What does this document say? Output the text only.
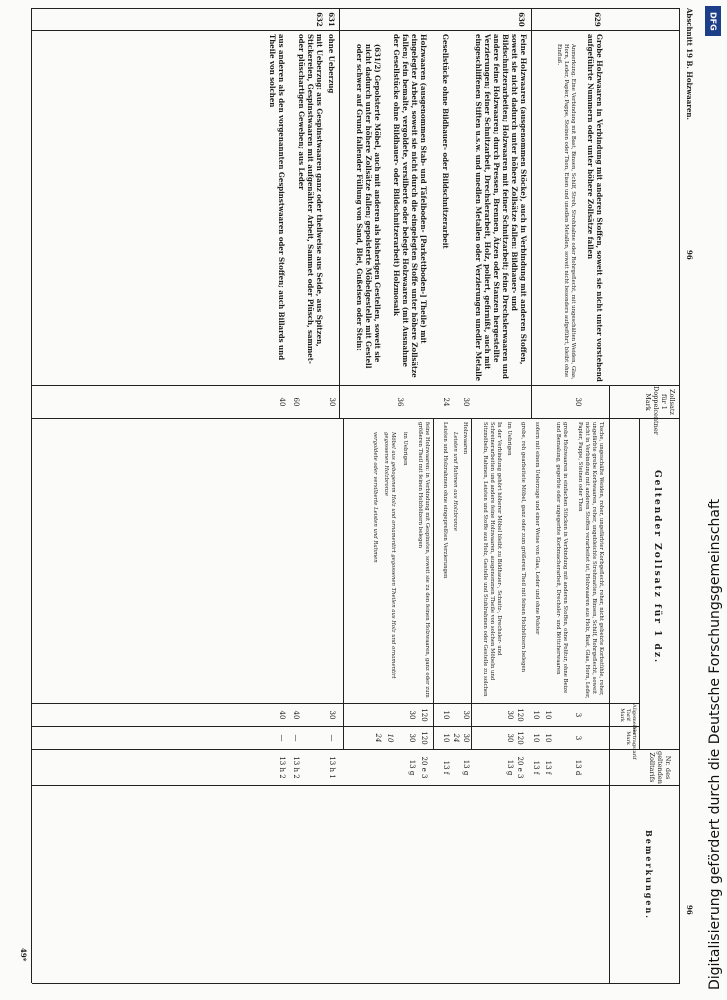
Abschnitt 19 B. Holzwaaren.
96
96
Zollsatz für 1 Doppelcentner Mark
Geltender Zollsatz für 1 dz.
Allgemeiner Tarif Mark
Vertragstarif Mark
Nr. des geltenden Zolltarifs
Bemerkungen.
629
Grobe Holzwaaren in Verbindung mit anderen Stoffen, soweit sie nicht unter vorstehend aufgeführte Nummern oder unter höhere Zollsätze fallen
30
Anmerkung. Eine Verbindung mit Bast, Binsen, Schilf, Stroh, Strohhalme oder Rohrgeflecht, mit ungeschälten Weiden, Glas, Horn, Leder, Papier, Pappe, Steinen oder Thon, Eisen und unedlen Metallen, soweit nicht besonders aufgeführt, bleibt ohne Einfluß.
630
Feine Holzwaaren (ausgenommen Stöcke), auch in Verbindung mit anderen Stoffen, soweit sie nicht dadurch unter höhere Zollsätze fallen: Bildhauer- und Bildschnitzerarbeiten; Holzwaaren mit feiner Schnitzarbeit; feine Drechslerwaaren und andere feine Holzwaaren; durch Pressen, Brennen, Ätzen oder Stanzen hergestellte Verzierungen; feiner Schnitzarbeit, Drechslerarbeit, Holz, poliert, gefirnißt, auch mit eingeschliffenen Stiften u.s.w. und unedlen Metallen oder Verzierungen unedler Metalle
30
Gesellstücke ohne Bildhauer- oder Bildschnitzerarbeit
24
Holzwaaren (ausgenommen Stab- und Täfelboden- [Parkettboden-] Theile) mit eingelegter Arbeit, soweit sie nicht durch die eingelegten Stoffe unter höhere Zollsätze fallen; fein bemalte, vergoldete, versilberte oder belegte Holzwaaren (mit Ausnahme der Gesellstücke ohne Bildhauer- oder Bildschnitzerarbeit) Holzmosaik
36
(631/2) Gepolsterte Möbel, auch mit anderen als bisherigen Gestellen, soweit sie nicht dadurch unter höhere Zollsätze fallen; gepolsterte Möbelgestelle mit Gestell oder schwer auf Grund fallender Füllung von Sand, Blei, Gußeisen oder Stein:
631
ohne Ueberzug
30
632
mit Ueberzug: aus Gespinstwaaren ganz oder theilweise aus Seide, aus Spitzen, Stickereien, Gespinstwaaren mit aufgenähter Arbeit, Sammet oder Plüsch, sammet- oder plüschartigen Geweben; aus Leder
60
aus anderen als den vorgenannten Gespinstwaaren oder Stoffen; auch Billards und Theile von solchen
40
Tische, ungeschälte Weiden, roher, ungefärbter Korbgeflecht, roher, nicht gebeizte Korbstühle, roher, ungefärbte grobe Korbwaaren, roher, ungebleichte Strohmatten, Binsen, Schilf, Rohrgeflecht, soweit nicht in Verbindung mit anderen Stoffen verarbeitet ist, Holzwaaren aus Holz, Bast, Glas, Horn, Leder, Papier, Pappe, Steinen oder Thon
3
3
13 d
grobe Holzwaaren in einfachen Stücken in Verbindung mit anderen Stoffen, ohne Politur, ohne Beize und Bemalung, gegerbte oder ungegerbte Korbmacherarbeit, Drechsler- und Böttcherwaaren
10
10
13 f
sofern mit einem Ueberzuge und einer Weise von Glas, Leder und ohne Polster
10
10
13 f
grobe, roh gearbeitete Möbel, ganz oder zum größeren Theil mit feinen Holzhölzern belegen
120
120
20 e 3
im Uebrigen
30
30
13 g
In der Verbindung gehört höherer Möbel bleibt zu Bildhauer-, Schnitz-, Drechsler- und Schreinerarbeiten und andere feine Holzwaaren, ausgenommen Theile von solchen Möbeln und Sitzmöbeln, Rahmen, Leisten und Stoffe aus Holz, Gestelle und Stuhlrahmen oder Gestelle zu solchen
Holzwaaren
30
30
13 g
Leisten und Rahmen aus Holzbronze
24
Leisten und Holzrahmen ohne eingepreßten Verzierungen
10
10
13 f
feine Holzwaaren: in Verbindung mit Gespinsten, soweit sie zu den feinen Holzwaaren, ganz oder zum größeren Theil mit feinen Holzhölzern belegen
120
120
20 e 3
im Uebrigen
30
30
13 g
Möbel aus gebogenem Holz und ornamentirt gegossenen Theilen aus Holz und ornamentirt gegossenen Holzbronze
10
vergoldete oder versilberte Leisten und Rahmen
24
30
—
13 h 1
40
—
13 h 2
40
—
13 h 2
49*
DFG
Digitalisierung gefördert durch die Deutsche Forschungsgemeinschaft
